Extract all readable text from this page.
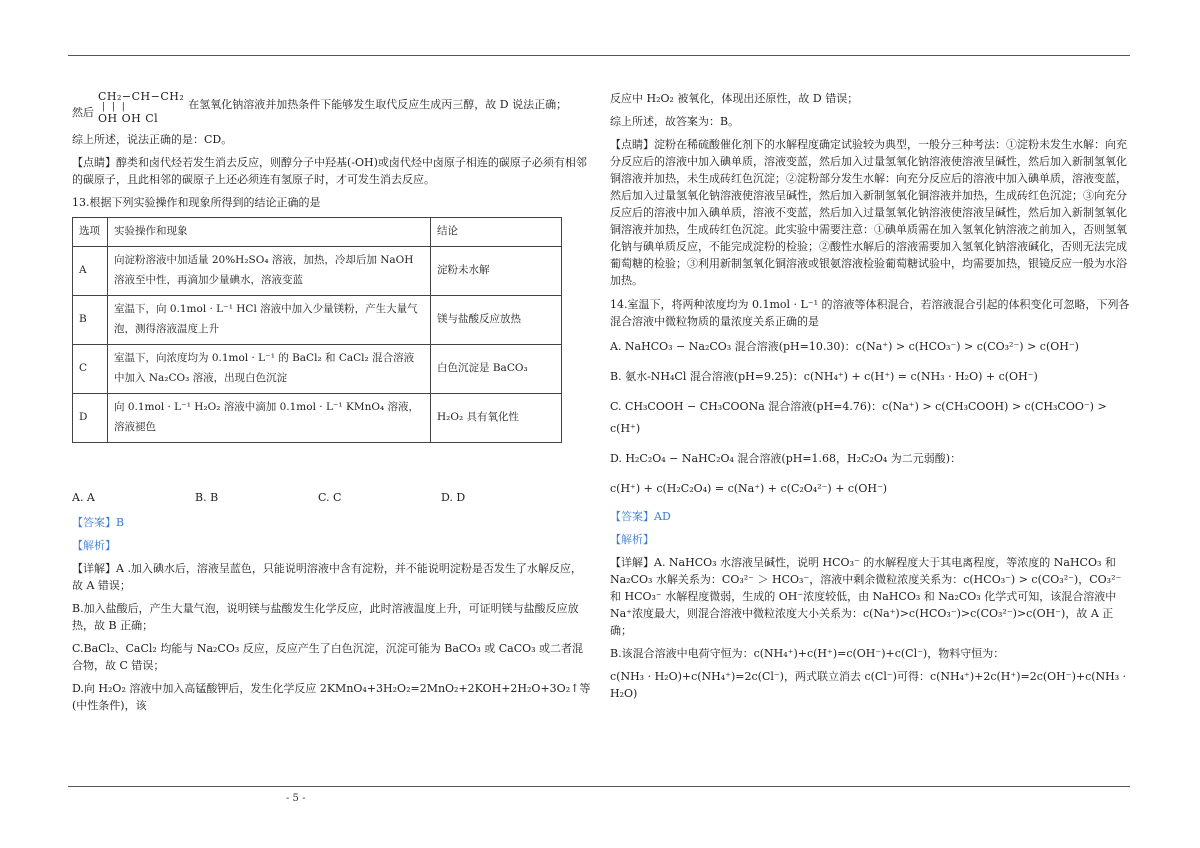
然后
CH₂−CH−CH₂
| | |
OH OH Cl
在氢氧化钠溶液并加热条件下能够发生取代反应生成丙三醇，故 D 说法正确；

综上所述，说法正确的是：CD。

【点睛】醇类和卤代烃若发生消去反应，则醇分子中羟基(-OH)或卤代烃中卤原子相连的碳原子必须有相邻的碳原子，且此相邻的碳原子上还必须连有氢原子时，才可发生消去反应。

13.根据下列实验操作和现象所得到的结论正确的是

选项	实验操作和现象	结论
A	向淀粉溶液中加适量 20%H₂SO₄ 溶液，加热，冷却后加 NaOH 溶液至中性，再滴加少量碘水，溶液变蓝	淀粉未水解
B	室温下，向 0.1mol · L⁻¹ HCl 溶液中加入少量镁粉，产生大量气泡，测得溶液温度上升	镁与盐酸反应放热
C	室温下，向浓度均为 0.1mol · L⁻¹ 的 BaCl₂ 和 CaCl₂ 混合溶液中加入 Na₂CO₃ 溶液，出现白色沉淀	白色沉淀是 BaCO₃
D	向 0.1mol · L⁻¹ H₂O₂ 溶液中滴加 0.1mol · L⁻¹ KMnO₄ 溶液，溶液褪色	H₂O₂ 具有氧化性
A. A	B. B	C. C	D. D

【答案】B

【解析】

【详解】A .加入碘水后，溶液呈蓝色，只能说明溶液中含有淀粉，并不能说明淀粉是否发生了水解反应，故 A 错误；

B.加入盐酸后，产生大量气泡，说明镁与盐酸发生化学反应，此时溶液温度上升，可证明镁与盐酸反应放热，故 B 正确；

C.BaCl₂、CaCl₂ 均能与 Na₂CO₃ 反应，反应产生了白色沉淀，沉淀可能为 BaCO₃ 或 CaCO₃ 或二者混合物，故 C 错误；

D.向 H₂O₂ 溶液中加入高锰酸钾后，发生化学反应 2KMnO₄+3H₂O₂=2MnO₂+2KOH+2H₂O+3O₂↑等(中性条件)，该

反应中 H₂O₂ 被氧化，体现出还原性，故 D 错误；

综上所述，故答案为：B。

【点睛】淀粉在稀硫酸催化剂下的水解程度确定试验较为典型，一般分三种考法：①淀粉未发生水解：向充分反应后的溶液中加入碘单质，溶液变蓝，然后加入过量氢氧化钠溶液使溶液呈碱性，然后加入新制氢氧化铜溶液并加热，未生成砖红色沉淀；②淀粉部分发生水解：向充分反应后的溶液中加入碘单质，溶液变蓝，然后加入过量氢氧化钠溶液使溶液呈碱性，然后加入新制氢氧化铜溶液并加热，生成砖红色沉淀；③向充分反应后的溶液中加入碘单质，溶液不变蓝，然后加入过量氢氧化钠溶液使溶液呈碱性，然后加入新制氢氧化铜溶液并加热，生成砖红色沉淀。此实验中需要注意：①碘单质需在加入氢氧化钠溶液之前加入，否则氢氧化钠与碘单质反应，不能完成淀粉的检验；②酸性水解后的溶液需要加入氢氧化钠溶液碱化，否则无法完成葡萄糖的检验；③利用新制氢氧化铜溶液或银氨溶液检验葡萄糖试验中，均需要加热，银镜反应一般为水浴加热。

14.室温下，将两种浓度均为 0.1mol · L⁻¹ 的溶液等体积混合，若溶液混合引起的体积变化可忽略，下列各混合溶液中微粒物质的量浓度关系正确的是

A. NaHCO₃ − Na₂CO₃ 混合溶液(pH=10.30)：c(Na⁺) > c(HCO₃⁻) > c(CO₃²⁻) > c(OH⁻)

B. 氨水-NH₄Cl 混合溶液(pH=9.25)：c(NH₄⁺) + c(H⁺) = c(NH₃ · H₂O) + c(OH⁻)

C. CH₃COOH − CH₃COONa 混合溶液(pH=4.76)：c(Na⁺) > c(CH₃COOH) > c(CH₃COO⁻) > c(H⁺)

D. H₂C₂O₄ − NaHC₂O₄ 混合溶液(pH=1.68，H₂C₂O₄ 为二元弱酸)：

c(H⁺) + c(H₂C₂O₄) = c(Na⁺) + c(C₂O₄²⁻) + c(OH⁻)

【答案】AD

【解析】

【详解】A. NaHCO₃ 水溶液呈碱性，说明 HCO₃⁻ 的水解程度大于其电离程度，等浓度的 NaHCO₃ 和 Na₂CO₃ 水解关系为：CO₃²⁻ ＞ HCO₃⁻，溶液中剩余微粒浓度关系为：c(HCO₃⁻) > c(CO₃²⁻)，CO₃²⁻ 和 HCO₃⁻ 水解程度微弱，生成的 OH⁻浓度较低，由 NaHCO₃ 和 Na₂CO₃ 化学式可知，该混合溶液中 Na⁺浓度最大，则混合溶液中微粒浓度大小关系为：c(Na⁺)>c(HCO₃⁻)>c(CO₃²⁻)>c(OH⁻)，故 A 正确；

B.该混合溶液中电荷守恒为：c(NH₄⁺)+c(H⁺)=c(OH⁻)+c(Cl⁻)，物料守恒为：

c(NH₃ · H₂O)+c(NH₄⁺)=2c(Cl⁻)，两式联立消去 c(Cl⁻)可得：c(NH₄⁺)+2c(H⁺)=2c(OH⁻)+c(NH₃ · H₂O)

- 5 -
